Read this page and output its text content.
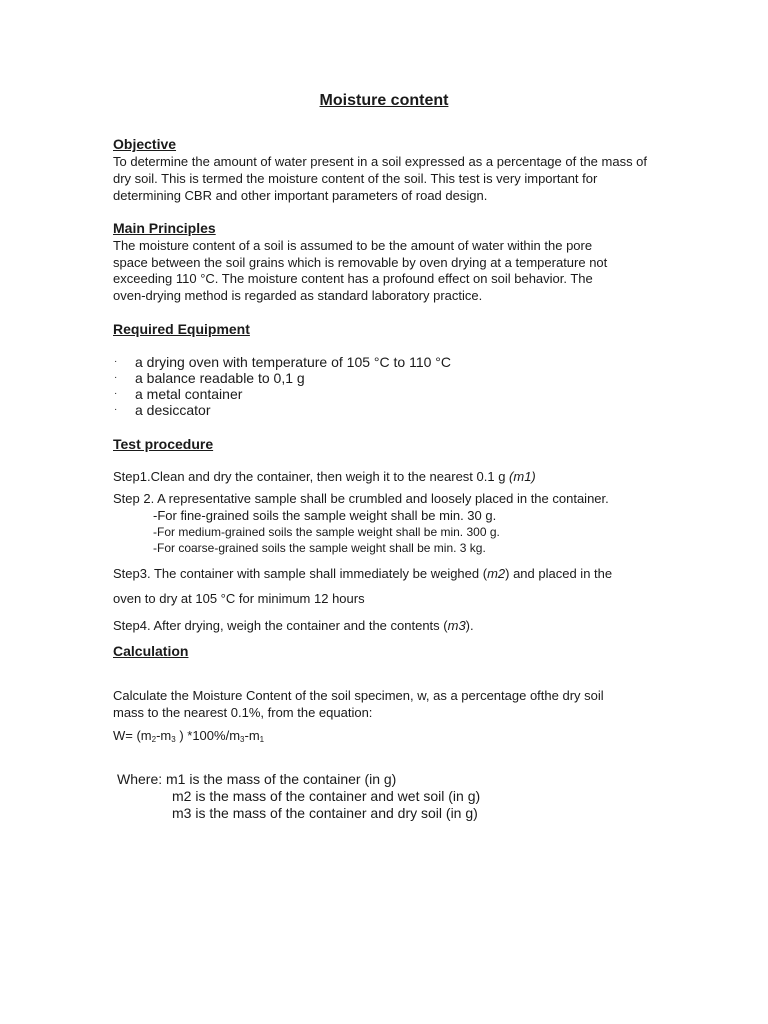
Moisture content
Objective
To determine the amount of water present in a soil expressed as a percentage of the mass of
dry soil. This is termed the moisture content of the soil. This test is very important for
determining CBR and other important parameters of road design.
Main Principles
The moisture content of a soil is assumed to be the amount of water within the pore
space between the soil grains which is removable by oven drying at a temperature not
exceeding 110 °C. The moisture content has a profound effect on soil behavior. The
oven-drying method is regarded as standard laboratory practice.
Required Equipment
· a drying oven with temperature of 105 °C to 110 °C
· a balance readable to 0,1 g
· a metal container
· a desiccator
Test procedure
Step1.Clean and dry the container, then weigh it to the nearest 0.1 g (m1)
Step 2. A representative sample shall be crumbled and loosely placed in the container.
-For fine-grained soils the sample weight shall be min. 30 g.
-For medium-grained soils the sample weight shall be min. 300 g.
-For coarse-grained soils the sample weight shall be min. 3 kg.
Step3. The container with sample shall immediately be weighed (m2) and placed in the
oven to dry at 105 °C for minimum 12 hours
Step4. After drying, weigh the container and the contents (m3).
Calculation
Calculate the Moisture Content of the soil specimen, w, as a percentage ofthe dry soil
mass to the nearest 0.1%, from the equation:
$W= (m_2-m_3$ ) $*100\%/m_3-m_1$
Where: m1 is the mass of the container (in g)
m2 is the mass of the container and wet soil (in g)
m3 is the mass of the container and dry soil (in g)
